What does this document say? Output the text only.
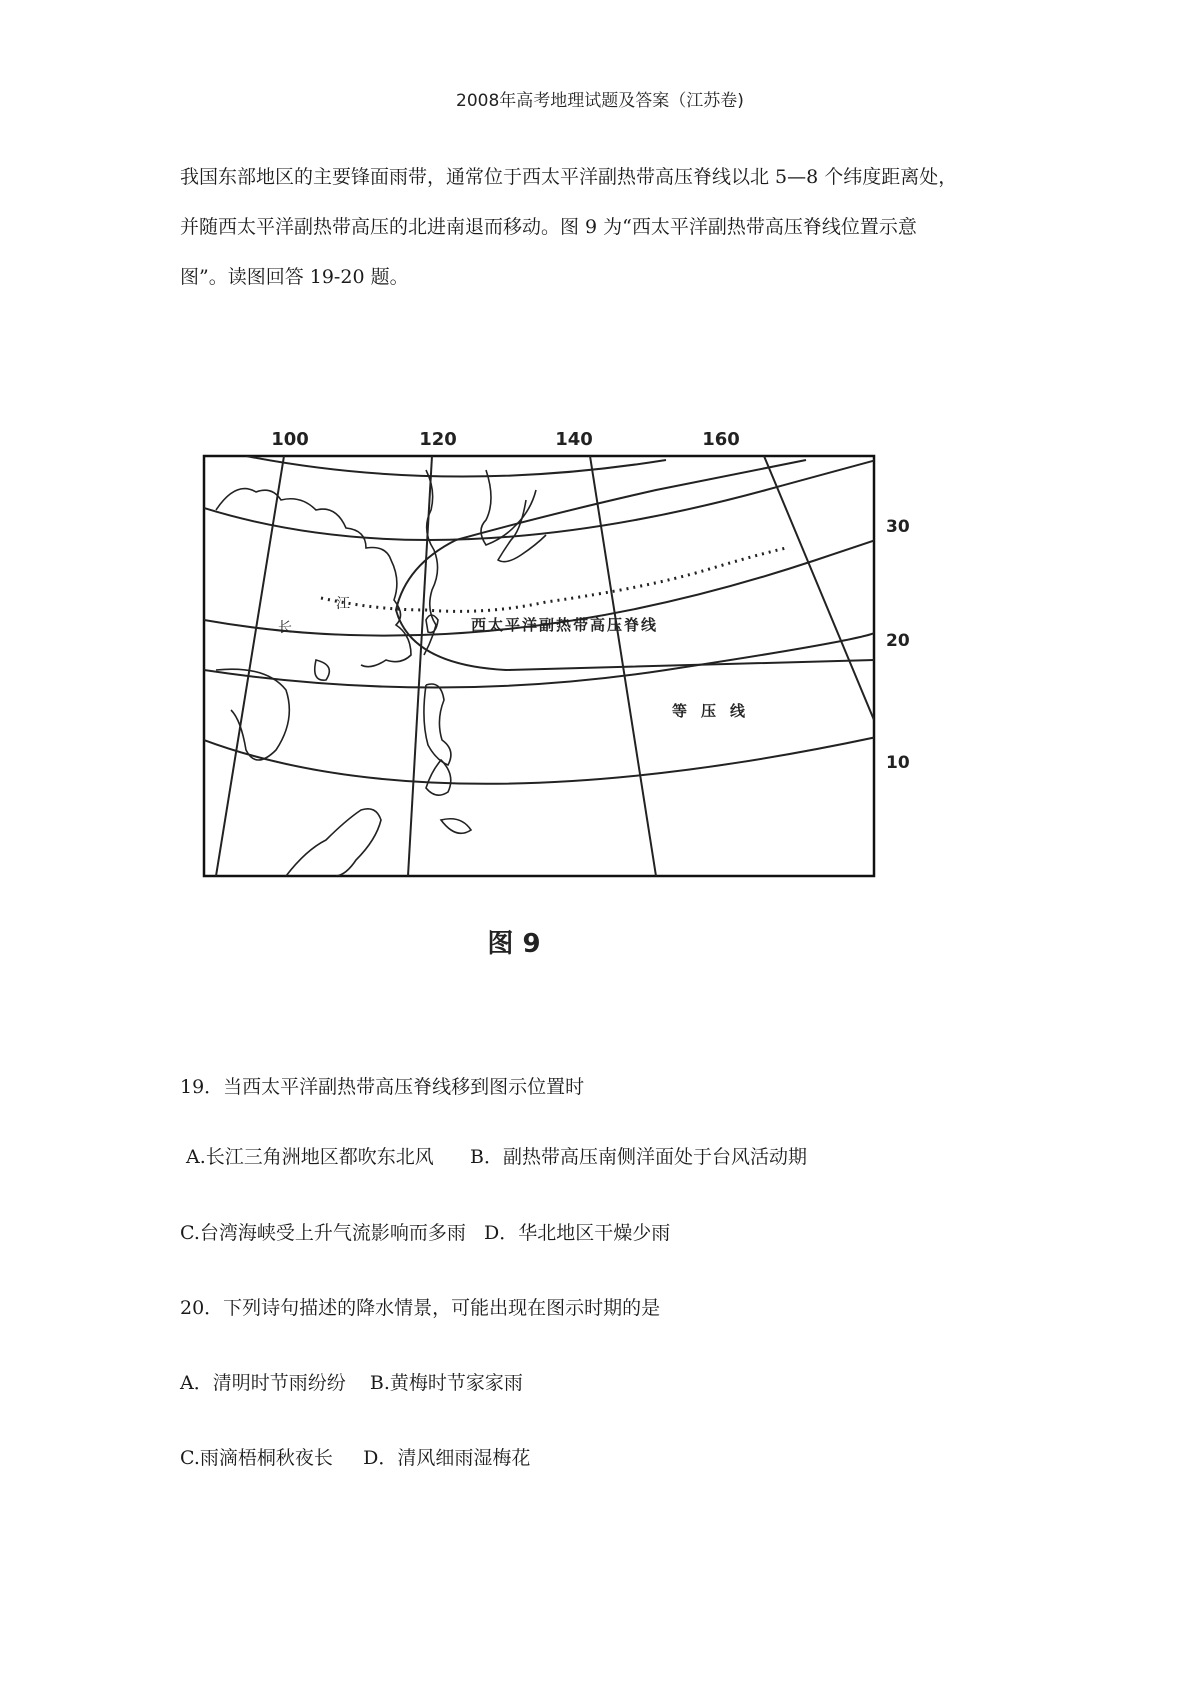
2008年高考地理试题及答案（江苏卷)

我国东部地区的主要锋面雨带，通常位于西太平洋副热带高压脊线以北 5—8 个纬度距离处，
并随西太平洋副热带高压的北进南退而移动。图 9 为“西太平洋副热带高压脊线位置示意
图”。读图回答 19-20 题。

100	120	140	160
30
20
10
长
江
西太平洋副热带高压脊线
等压线
图 9
19．当西太平洋副热带高压脊线移到图示位置时
A.长江三角洲地区都吹东北风      B．副热带高压南侧洋面处于台风活动期
C.台湾海峡受上升气流影响而多雨   D．华北地区干燥少雨
20．下列诗句描述的降水情景，可能出现在图示时期的是
A．清明时节雨纷纷    B.黄梅时节家家雨
C.雨滴梧桐秋夜长     D．清风细雨湿梅花
